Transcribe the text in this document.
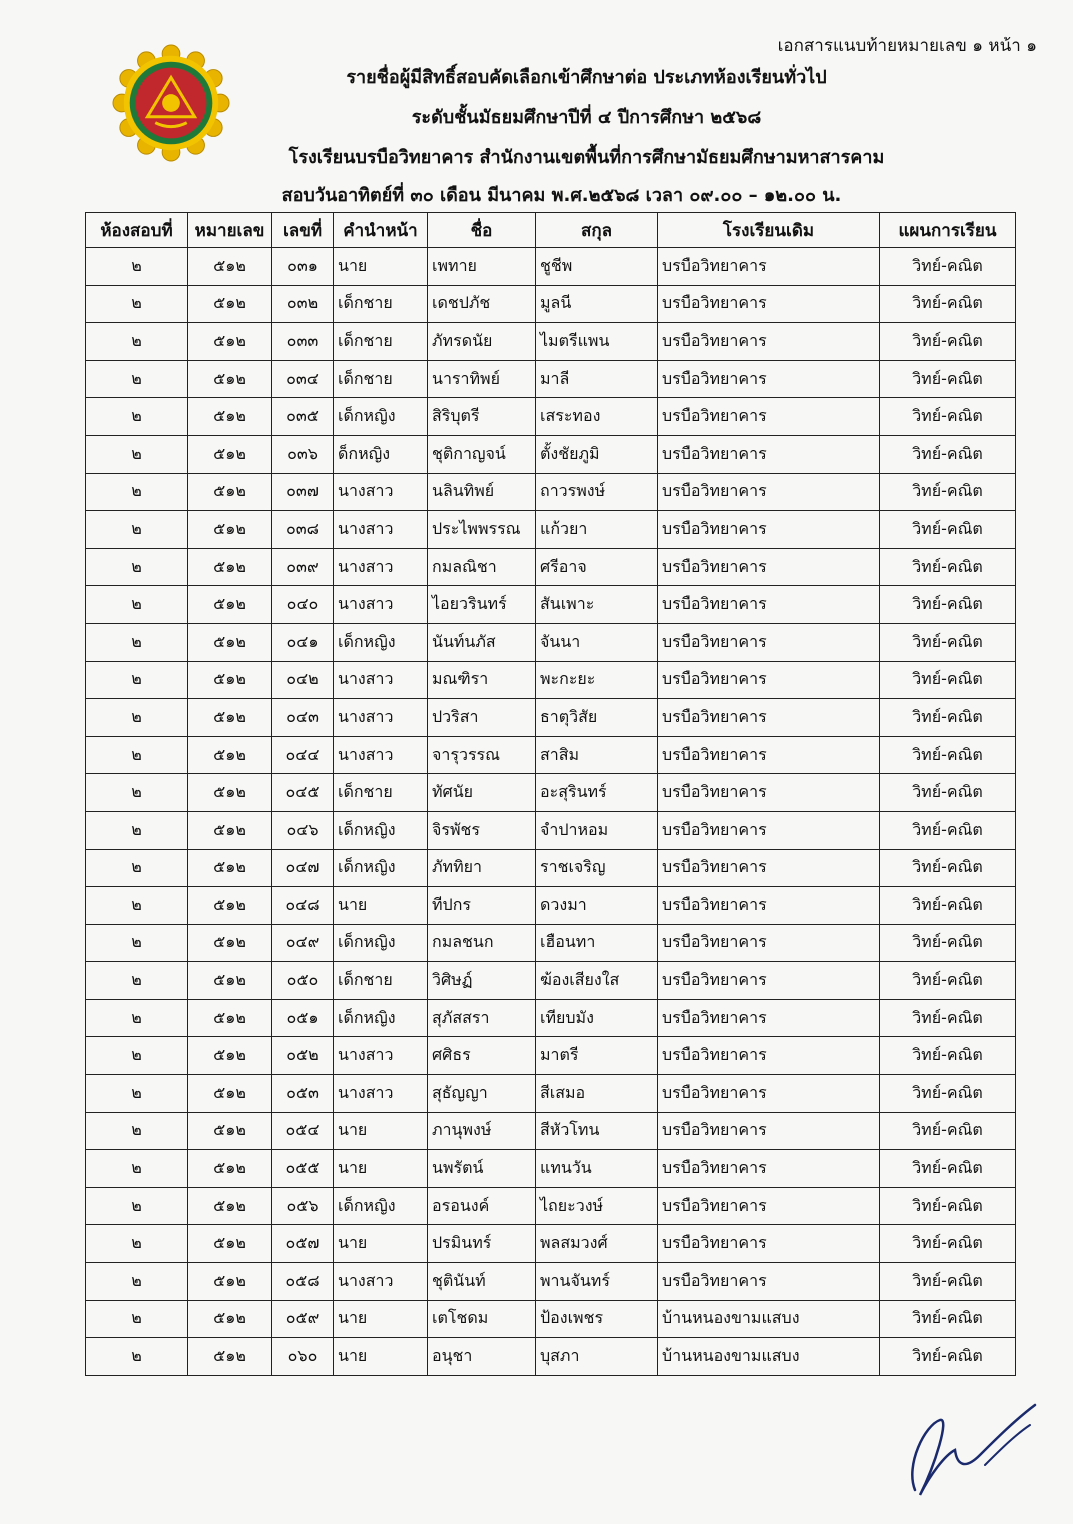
เอกสารแนบท้ายหมายเลข ๑ หน้า ๑
รายชื่อผู้มีสิทธิ์สอบคัดเลือกเข้าศึกษาต่อ ประเภทห้องเรียนทั่วไป
ระดับชั้นมัธยมศึกษาปีที่ ๔ ปีการศึกษา ๒๕๖๘
โรงเรียนบรบือวิทยาคาร สำนักงานเขตพื้นที่การศึกษามัธยมศึกษามหาสารคาม
สอบวันอาทิตย์ที่ ๓๐ เดือน มีนาคม พ.ศ.๒๕๖๘ เวลา ๐๙.๐๐ – ๑๒.๐๐ น.
ห้องสอบที่	หมายเลข	เลขที่	คำนำหน้า	ชื่อ	สกุล	โรงเรียนเดิม	แผนการเรียน
๒	๕๑๒	๐๓๑	นาย	เพทาย	ชูชีพ	บรบือวิทยาคาร	วิทย์-คณิต
๒	๕๑๒	๐๓๒	เด็กชาย	เดชปภัช	มูลนี	บรบือวิทยาคาร	วิทย์-คณิต
๒	๕๑๒	๐๓๓	เด็กชาย	ภัทรดนัย	ไมตรีแพน	บรบือวิทยาคาร	วิทย์-คณิต
๒	๕๑๒	๐๓๔	เด็กชาย	นาราทิพย์	มาลี	บรบือวิทยาคาร	วิทย์-คณิต
๒	๕๑๒	๐๓๕	เด็กหญิง	สิริบุตรี	เสระทอง	บรบือวิทยาคาร	วิทย์-คณิต
๒	๕๑๒	๐๓๖	ด็กหญิง	ชุติกาญจน์	ตั้งชัยภูมิ	บรบือวิทยาคาร	วิทย์-คณิต
๒	๕๑๒	๐๓๗	นางสาว	นลินทิพย์	ถาวรพงษ์	บรบือวิทยาคาร	วิทย์-คณิต
๒	๕๑๒	๐๓๘	นางสาว	ประไพพรรณ	แก้วยา	บรบือวิทยาคาร	วิทย์-คณิต
๒	๕๑๒	๐๓๙	นางสาว	กมลณิชา	ศรีอาจ	บรบือวิทยาคาร	วิทย์-คณิต
๒	๕๑๒	๐๔๐	นางสาว	ไอยวรินทร์	สันเพาะ	บรบือวิทยาคาร	วิทย์-คณิต
๒	๕๑๒	๐๔๑	เด็กหญิง	นันท์นภัส	จันนา	บรบือวิทยาคาร	วิทย์-คณิต
๒	๕๑๒	๐๔๒	นางสาว	มณฑิรา	พะกะยะ	บรบือวิทยาคาร	วิทย์-คณิต
๒	๕๑๒	๐๔๓	นางสาว	ปวริสา	ธาตุวิสัย	บรบือวิทยาคาร	วิทย์-คณิต
๒	๕๑๒	๐๔๔	นางสาว	จารุวรรณ	สาสิม	บรบือวิทยาคาร	วิทย์-คณิต
๒	๕๑๒	๐๔๕	เด็กชาย	ทัศนัย	อะสุรินทร์	บรบือวิทยาคาร	วิทย์-คณิต
๒	๕๑๒	๐๔๖	เด็กหญิง	จิรพัชร	จำปาหอม	บรบือวิทยาคาร	วิทย์-คณิต
๒	๕๑๒	๐๔๗	เด็กหญิง	ภัททิยา	ราชเจริญ	บรบือวิทยาคาร	วิทย์-คณิต
๒	๕๑๒	๐๔๘	นาย	ทีปกร	ดวงมา	บรบือวิทยาคาร	วิทย์-คณิต
๒	๕๑๒	๐๔๙	เด็กหญิง	กมลชนก	เฮือนทา	บรบือวิทยาคาร	วิทย์-คณิต
๒	๕๑๒	๐๕๐	เด็กชาย	วิศิษฏ์	ฆ้องเสียงใส	บรบือวิทยาคาร	วิทย์-คณิต
๒	๕๑๒	๐๕๑	เด็กหญิง	สุภัสสรา	เทียบมัง	บรบือวิทยาคาร	วิทย์-คณิต
๒	๕๑๒	๐๕๒	นางสาว	ศศิธร	มาตรี	บรบือวิทยาคาร	วิทย์-คณิต
๒	๕๑๒	๐๕๓	นางสาว	สุธัญญา	สีเสมอ	บรบือวิทยาคาร	วิทย์-คณิต
๒	๕๑๒	๐๕๔	นาย	ภานุพงษ์	สีหัวโทน	บรบือวิทยาคาร	วิทย์-คณิต
๒	๕๑๒	๐๕๕	นาย	นพรัตน์	แทนวัน	บรบือวิทยาคาร	วิทย์-คณิต
๒	๕๑๒	๐๕๖	เด็กหญิง	อรอนงค์	ไถยะวงษ์	บรบือวิทยาคาร	วิทย์-คณิต
๒	๕๑๒	๐๕๗	นาย	ปรมินทร์	พลสมวงศ์	บรบือวิทยาคาร	วิทย์-คณิต
๒	๕๑๒	๐๕๘	นางสาว	ชุตินันท์	พานจันทร์	บรบือวิทยาคาร	วิทย์-คณิต
๒	๕๑๒	๐๕๙	นาย	เตโชดม	ป้องเพชร	บ้านหนองขามแสบง	วิทย์-คณิต
๒	๕๑๒	๐๖๐	นาย	อนุชา	บุสภา	บ้านหนองขามแสบง	วิทย์-คณิต
